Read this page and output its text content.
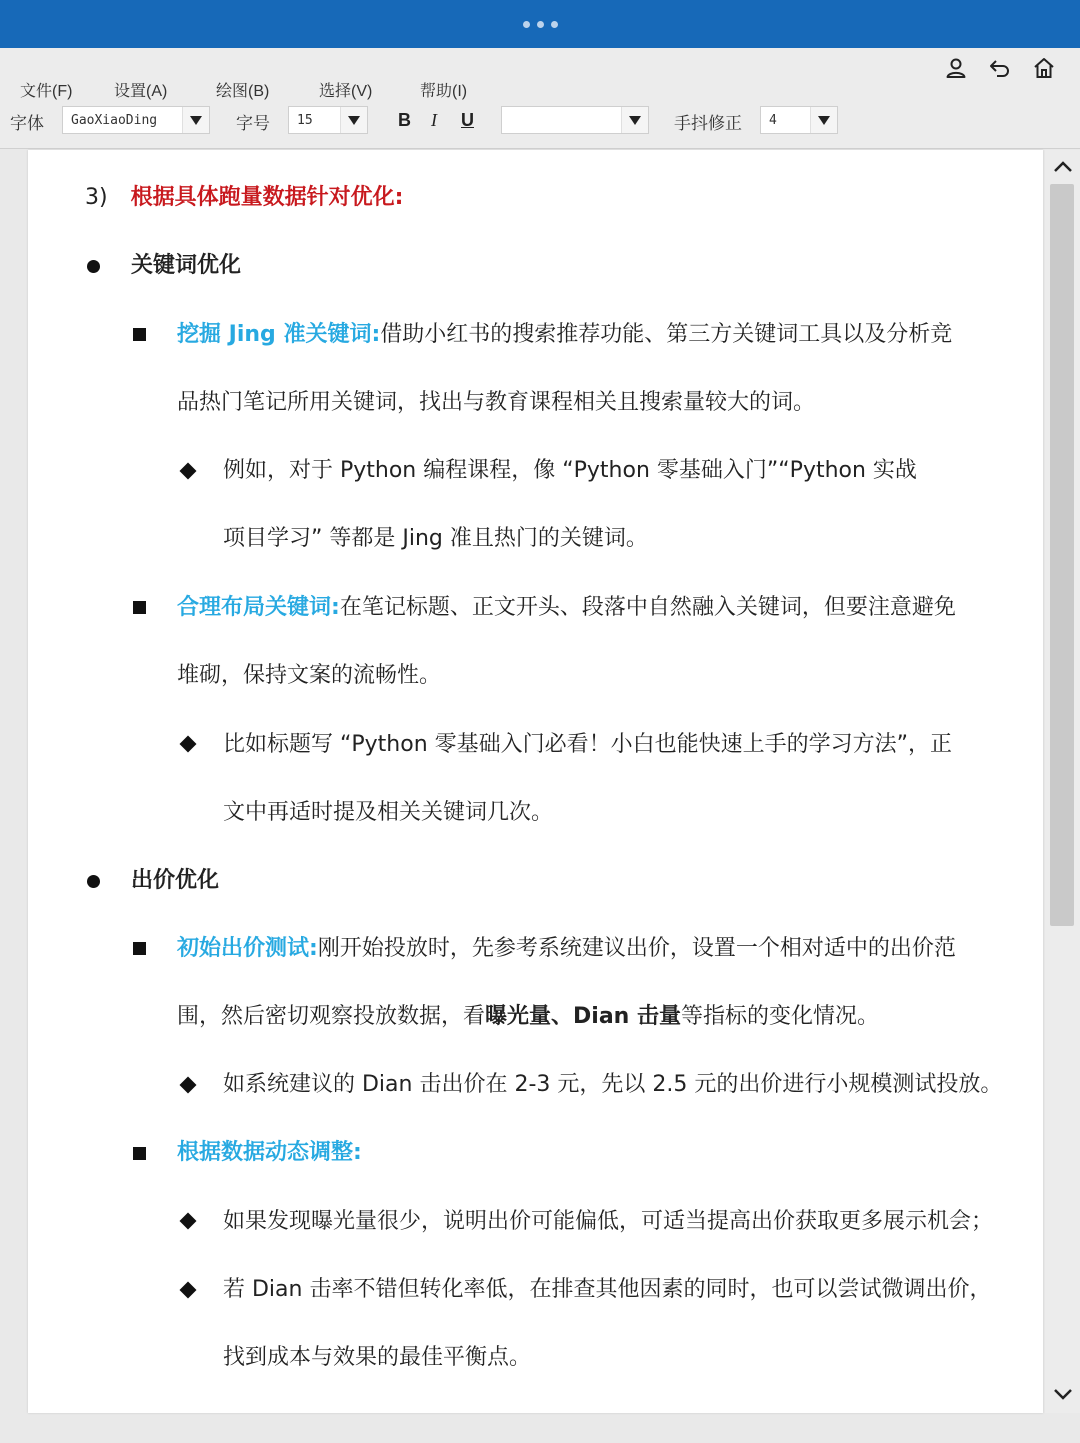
文件(F)	设置(A)	绘图(B)	选择(V)	帮助(I)
字体	GaoXiaoDing	字号	15	B I U	手抖修正	4
3) 根据具体跑量数据针对优化:
关键词优化
挖掘 Jing 准关键词:借助小红书的搜索推荐功能、第三方关键词工具以及分析竞
品热门笔记所用关键词，找出与教育课程相关且搜索量较大的词。
例如，对于 Python 编程课程，像 “Python 零基础入门”“Python 实战
项目学习” 等都是 Jing 准且热门的关键词。
合理布局关键词:在笔记标题、正文开头、段落中自然融入关键词，但要注意避免
堆砌，保持文案的流畅性。
比如标题写 “Python 零基础入门必看！小白也能快速上手的学习方法”，正
文中再适时提及相关关键词几次。
出价优化
初始出价测试:刚开始投放时，先参考系统建议出价，设置一个相对适中的出价范
围，然后密切观察投放数据，看曝光量、Dian 击量等指标的变化情况。
如系统建议的 Dian 击出价在 2-3 元，先以 2.5 元的出价进行小规模测试投放。
根据数据动态调整:
如果发现曝光量很少，说明出价可能偏低，可适当提高出价获取更多展示机会；
若 Dian 击率不错但转化率低，在排查其他因素的同时，也可以尝试微调出价，
找到成本与效果的最佳平衡点。
